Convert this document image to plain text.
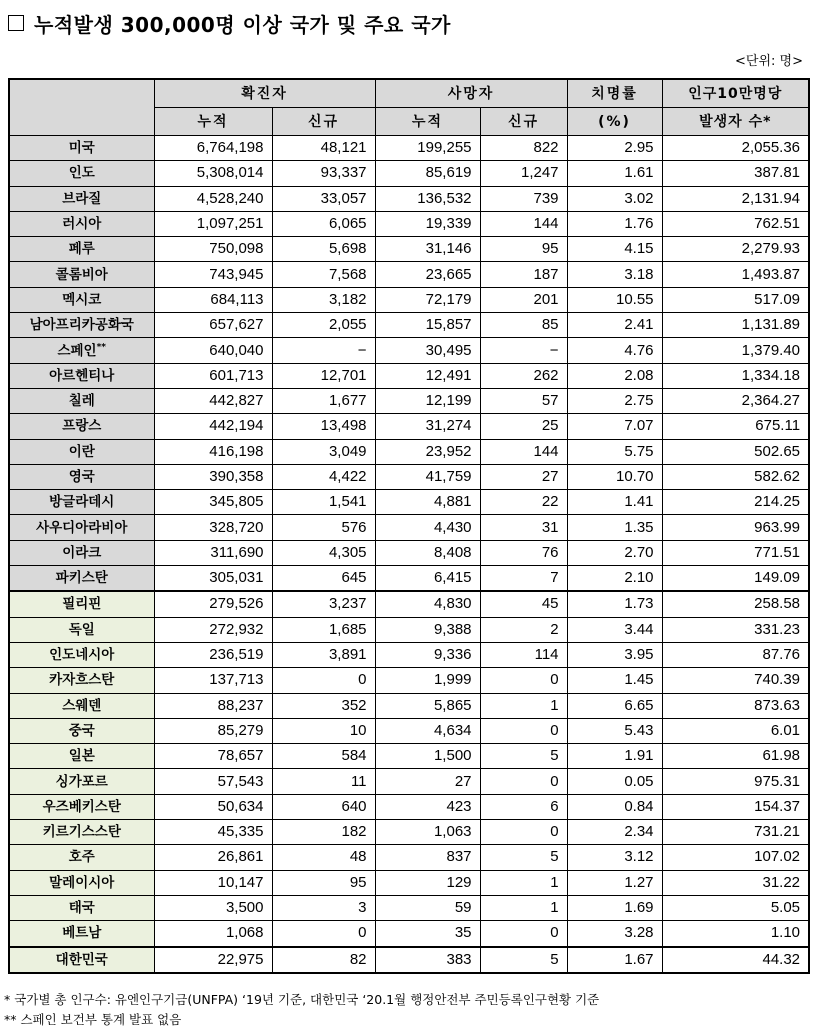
누적발생 300,000명 이상 국가 및 주요 국가
<단위: 명>
	확진자		사망자		치명률	인구10만명당
	누적	신규	누적	신규	(%)	발생자 수*
미국	6,764,198	48,121	199,255	822	2.95	2,055.36
인도	5,308,014	93,337	85,619	1,247	1.61	387.81
브라질	4,528,240	33,057	136,532	739	3.02	2,131.94
러시아	1,097,251	6,065	19,339	144	1.76	762.51
페루	750,098	5,698	31,146	95	4.15	2,279.93
콜롬비아	743,945	7,568	23,665	187	3.18	1,493.87
멕시코	684,113	3,182	72,179	201	10.55	517.09
남아프리카공화국	657,627	2,055	15,857	85	2.41	1,131.89
스페인**	640,040	−	30,495	−	4.76	1,379.40
아르헨티나	601,713	12,701	12,491	262	2.08	1,334.18
칠레	442,827	1,677	12,199	57	2.75	2,364.27
프랑스	442,194	13,498	31,274	25	7.07	675.11
이란	416,198	3,049	23,952	144	5.75	502.65
영국	390,358	4,422	41,759	27	10.70	582.62
방글라데시	345,805	1,541	4,881	22	1.41	214.25
사우디아라비아	328,720	576	4,430	31	1.35	963.99
이라크	311,690	4,305	8,408	76	2.70	771.51
파키스탄	305,031	645	6,415	7	2.10	149.09
필리핀	279,526	3,237	4,830	45	1.73	258.58
독일	272,932	1,685	9,388	2	3.44	331.23
인도네시아	236,519	3,891	9,336	114	3.95	87.76
카자흐스탄	137,713	0	1,999	0	1.45	740.39
스웨덴	88,237	352	5,865	1	6.65	873.63
중국	85,279	10	4,634	0	5.43	6.01
일본	78,657	584	1,500	5	1.91	61.98
싱가포르	57,543	11	27	0	0.05	975.31
우즈베키스탄	50,634	640	423	6	0.84	154.37
키르기스스탄	45,335	182	1,063	0	2.34	731.21
호주	26,861	48	837	5	3.12	107.02
말레이시아	10,147	95	129	1	1.27	31.22
태국	3,500	3	59	1	1.69	5.05
베트남	1,068	0	35	0	3.28	1.10
대한민국	22,975	82	383	5	1.67	44.32
* 국가별 총 인구수: 유엔인구기금(UNFPA) ‘19년 기준, 대한민국 ‘20.1월 행정안전부 주민등록인구현황 기준
** 스페인 보건부 통계 발표 없음
